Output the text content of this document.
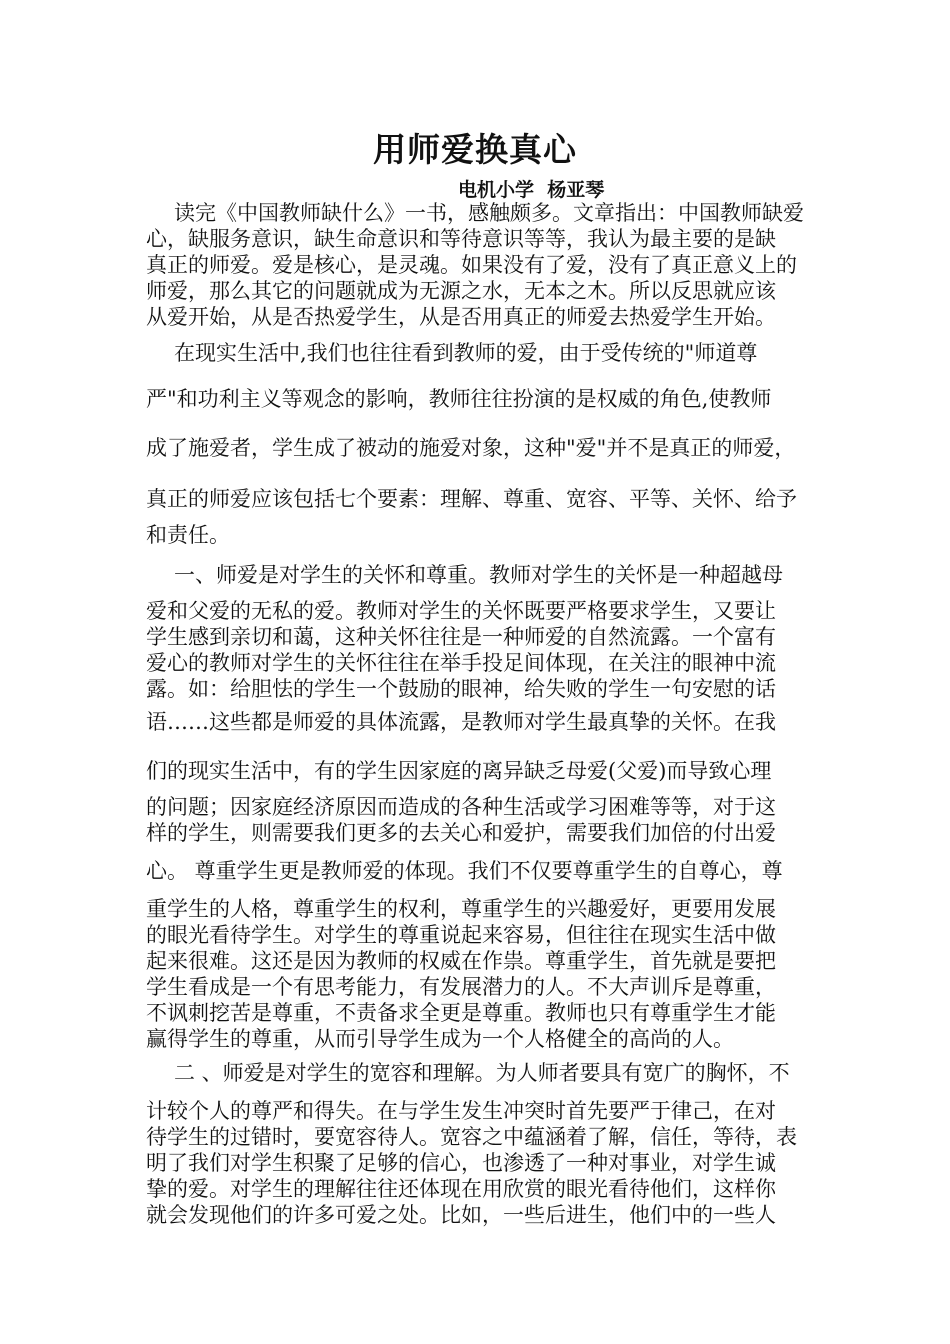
用师爱换真心
电机小学  杨亚琴
读完《中国教师缺什么》一书，感触颇多。文章指出：中国教师缺爱
心，缺服务意识，缺生命意识和等待意识等等，我认为最主要的是缺
真正的师爱。爱是核心，是灵魂。如果没有了爱，没有了真正意义上的
师爱，那么其它的问题就成为无源之水，无本之木。所以反思就应该
从爱开始，从是否热爱学生，从是否用真正的师爱去热爱学生开始。
在现实生活中,我们也往往看到教师的爱，由于受传统的"师道尊
严"和功利主义等观念的影响，教师往往扮演的是权威的角色,使教师
成了施爱者，学生成了被动的施爱对象，这种"爱"并不是真正的师爱，
真正的师爱应该包括七个要素：理解、尊重、宽容、平等、关怀、给予
和责任。
一、师爱是对学生的关怀和尊重。教师对学生的关怀是一种超越母
爱和父爱的无私的爱。教师对学生的关怀既要严格要求学生，又要让
学生感到亲切和蔼，这种关怀往往是一种师爱的自然流露。一个富有
爱心的教师对学生的关怀往往在举手投足间体现，在关注的眼神中流
露。如：给胆怯的学生一个鼓励的眼神，给失败的学生一句安慰的话
语……这些都是师爱的具体流露，是教师对学生最真挚的关怀。在我
们的现实生活中，有的学生因家庭的离异缺乏母爱(父爱)而导致心理
的问题；因家庭经济原因而造成的各种生活或学习困难等等，对于这
样的学生，则需要我们更多的去关心和爱护，需要我们加倍的付出爱
心。 尊重学生更是教师爱的体现。我们不仅要尊重学生的自尊心，尊
重学生的人格，尊重学生的权利，尊重学生的兴趣爱好，更要用发展
的眼光看待学生。对学生的尊重说起来容易，但往往在现实生活中做
起来很难。这还是因为教师的权威在作祟。尊重学生，首先就是要把
学生看成是一个有思考能力，有发展潜力的人。不大声训斥是尊重，
不讽刺挖苦是尊重，不责备求全更是尊重。教师也只有尊重学生才能
赢得学生的尊重，从而引导学生成为一个人格健全的高尚的人。
二 、师爱是对学生的宽容和理解。为人师者要具有宽广的胸怀，不
计较个人的尊严和得失。在与学生发生冲突时首先要严于律己，在对
待学生的过错时，要宽容待人。宽容之中蕴涵着了解，信任，等待，表
明了我们对学生积聚了足够的信心，也渗透了一种对事业，对学生诚
挚的爱。对学生的理解往往还体现在用欣赏的眼光看待他们，这样你
就会发现他们的许多可爱之处。比如，一些后进生，他们中的一些人
